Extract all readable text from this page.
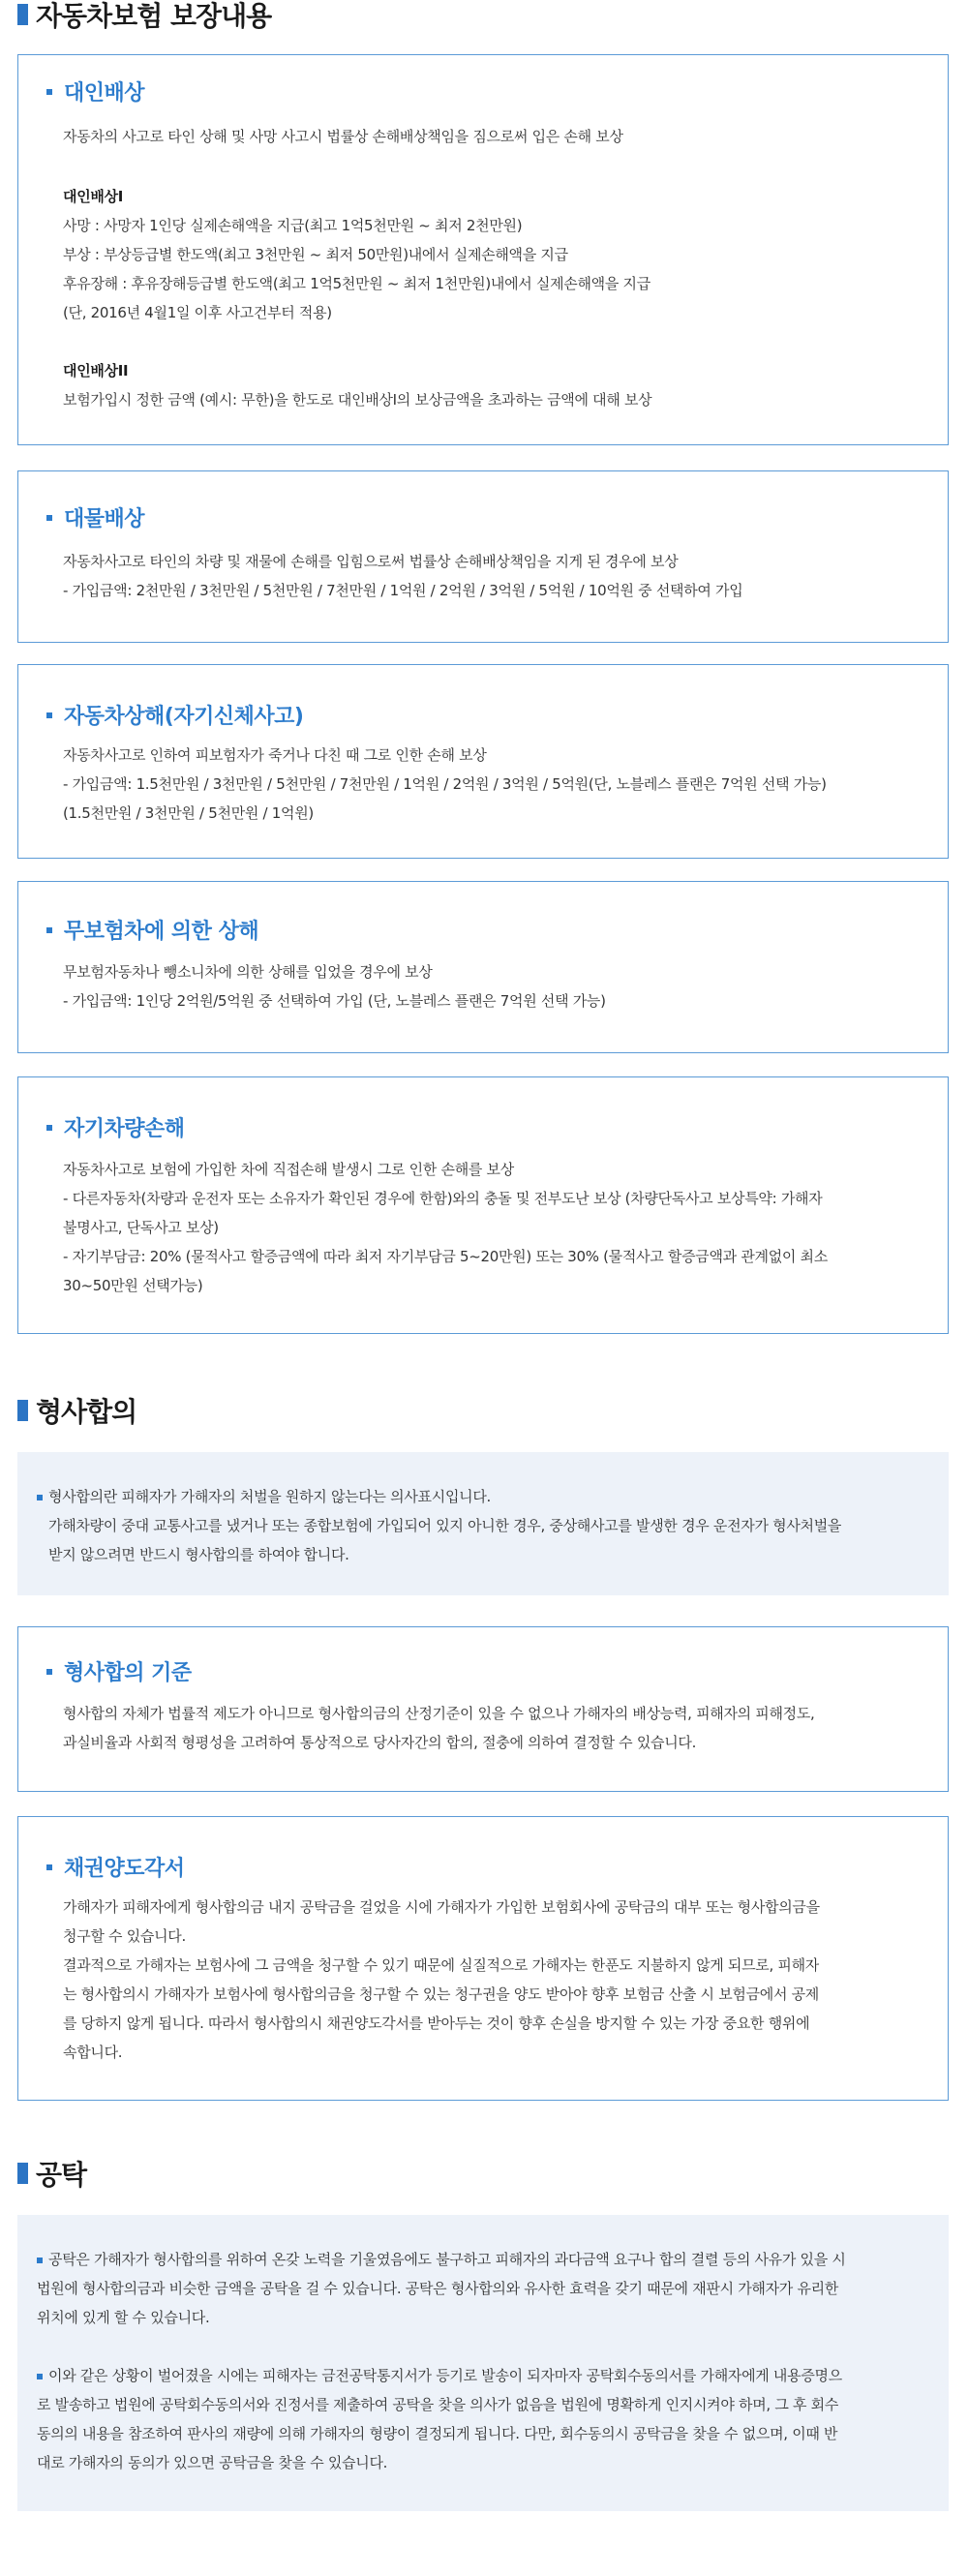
자동차보험 보장내용
대인배상
자동차의 사고로 타인 상해 및 사망 사고시 법률상 손해배상책임을 짐으로써 입은 손해 보상
대인배상I
사망 : 사망자 1인당 실제손해액을 지급(최고 1억5천만원 ~ 최저 2천만원)
부상 : 부상등급별 한도액(최고 3천만원 ~ 최저 50만원)내에서 실제손해액을 지급
후유장해 : 후유장해등급별 한도액(최고 1억5천만원 ~ 최저 1천만원)내에서 실제손해액을 지급
(단, 2016년 4월1일 이후 사고건부터 적용)
대인배상II
보험가입시 정한 금액 (예시: 무한)을 한도로 대인배상I의 보상금액을 초과하는 금액에 대해 보상
대물배상
자동차사고로 타인의 차량 및 재물에 손해를 입힘으로써 법률상 손해배상책임을 지게 된 경우에 보상
- 가입금액: 2천만원 / 3천만원 / 5천만원 / 7천만원 / 1억원 / 2억원 / 3억원 / 5억원 / 10억원 중 선택하여 가입
자동차상해(자기신체사고)
자동차사고로 인하여 피보험자가 죽거나 다친 때 그로 인한 손해 보상
- 가입금액: 1.5천만원 / 3천만원 / 5천만원 / 7천만원 / 1억원 / 2억원 / 3억원 / 5억원(단, 노블레스 플랜은 7억원 선택 가능)
(1.5천만원 / 3천만원 / 5천만원 / 1억원)
무보험차에 의한 상해
무보험자동차나 뺑소니차에 의한 상해를 입었을 경우에 보상
- 가입금액: 1인당 2억원/5억원 중 선택하여 가입 (단, 노블레스 플랜은 7억원 선택 가능)
자기차량손해
자동차사고로 보험에 가입한 차에 직접손해 발생시 그로 인한 손해를 보상
- 다른자동차(차량과 운전자 또는 소유자가 확인된 경우에 한함)와의 충돌 및 전부도난 보상 (차량단독사고 보상특약: 가해자
불명사고, 단독사고 보상)
- 자기부담금: 20% (물적사고 할증금액에 따라 최저 자기부담금 5~20만원) 또는 30% (물적사고 할증금액과 관계없이 최소
30~50만원 선택가능)
형사합의
형사합의란 피해자가 가해자의 처벌을 원하지 않는다는 의사표시입니다.
가해차량이 중대 교통사고를 냈거나 또는 종합보험에 가입되어 있지 아니한 경우, 중상해사고를 발생한 경우 운전자가 형사처벌을
받지 않으려면 반드시 형사합의를 하여야 합니다.
형사합의 기준
형사합의 자체가 법률적 제도가 아니므로 형사합의금의 산정기준이 있을 수 없으나 가해자의 배상능력, 피해자의 피해정도,
과실비율과 사회적 형평성을 고려하여 통상적으로 당사자간의 합의, 절충에 의하여 결정할 수 있습니다.
채권양도각서
가해자가 피해자에게 형사합의금 내지 공탁금을 걸었을 시에 가해자가 가입한 보험회사에 공탁금의 대부 또는 형사합의금을
청구할 수 있습니다.
결과적으로 가해자는 보험사에 그 금액을 청구할 수 있기 때문에 실질적으로 가해자는 한푼도 지불하지 않게 되므로, 피해자
는 형사합의시 가해자가 보험사에 형사합의금을 청구할 수 있는 청구권을 양도 받아야 향후 보험금 산출 시 보험금에서 공제
를 당하지 않게 됩니다. 따라서 형사합의시 채권양도각서를 받아두는 것이 향후 손실을 방지할 수 있는 가장 중요한 행위에
속합니다.
공탁
공탁은 가해자가 형사합의를 위하여 온갖 노력을 기울였음에도 불구하고 피해자의 과다금액 요구나 합의 결렬 등의 사유가 있을 시
법원에 형사합의금과 비슷한 금액을 공탁을 걸 수 있습니다. 공탁은 형사합의와 유사한 효력을 갖기 때문에 재판시 가해자가 유리한
위치에 있게 할 수 있습니다.
이와 같은 상황이 벌어졌을 시에는 피해자는 금전공탁통지서가 등기로 발송이 되자마자 공탁회수동의서를 가해자에게 내용증명으
로 발송하고 법원에 공탁회수동의서와 진정서를 제출하여 공탁을 찾을 의사가 없음을 법원에 명확하게 인지시켜야 하며, 그 후 회수
동의의 내용을 참조하여 판사의 재량에 의해 가해자의 형량이 결정되게 됩니다. 다만, 회수동의시 공탁금을 찾을 수 없으며, 이때 반
대로 가해자의 동의가 있으면 공탁금을 찾을 수 있습니다.
